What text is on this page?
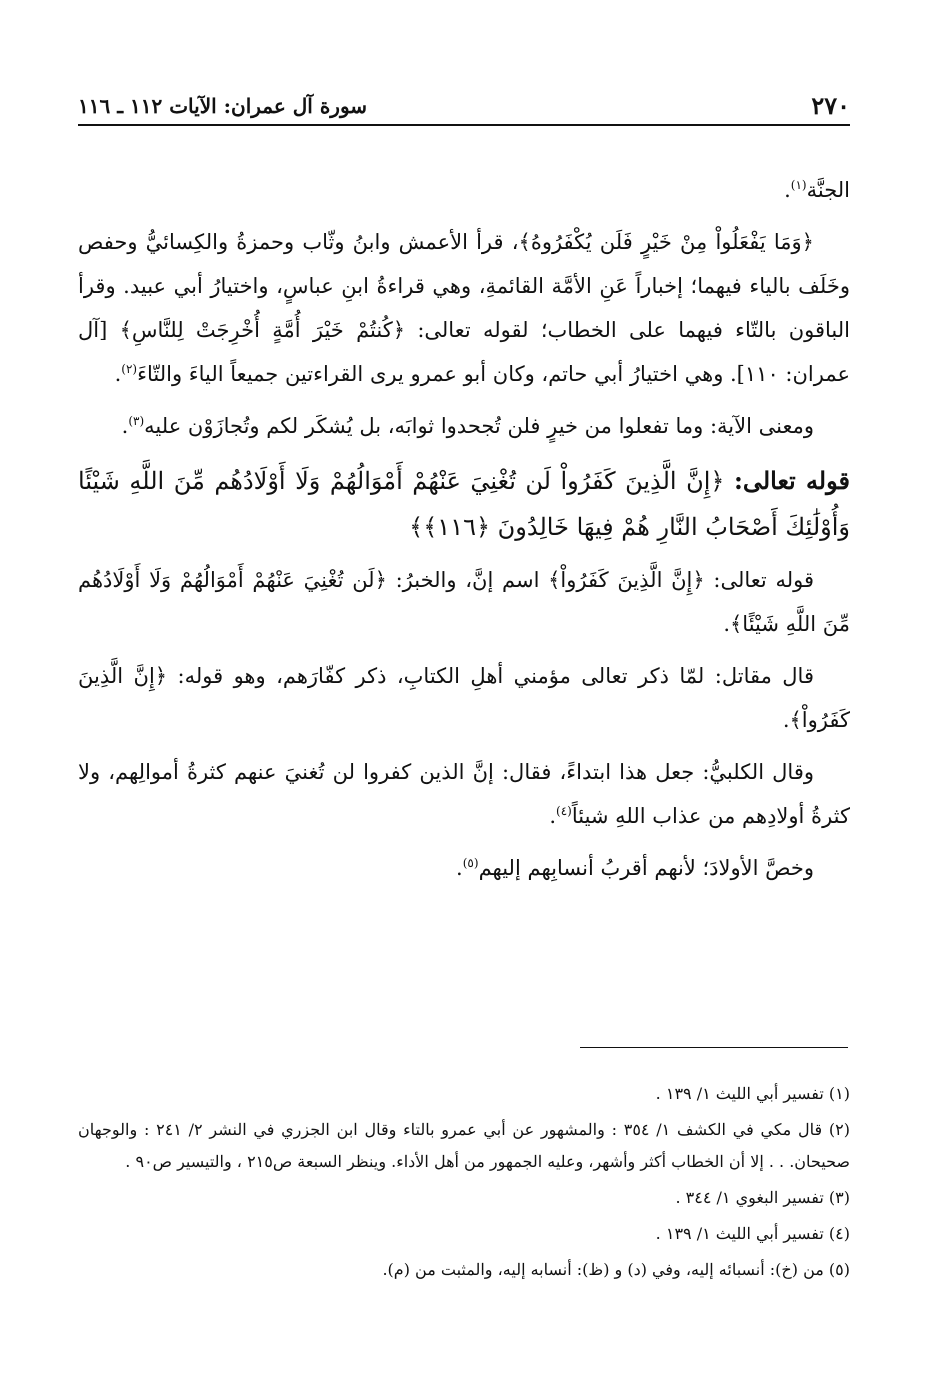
٢٧٠
سورة آل عمران: الآيات ١١٢ ـ ١١٦

الجنَّة$^{(١)}$.

﴿وَمَا يَفْعَلُواْ مِنْ خَيْرٍ فَلَن يُكْفَرُوهُ﴾، قرأ الأعمش وابنُ وثّاب وحمزةُ والكِسائيُّ وحفص وخَلَف بالياء فيهما؛ إخباراً عَنِ الأمَّة القائمةِ، وهي قراءةُ ابنِ عباسٍ، واختيارُ أبي عبيد. وقرأ الباقون بالتّاء فيهما على الخطاب؛ لقوله تعالى: ﴿كُنتُمْ خَيْرَ أُمَّةٍ أُخْرِجَتْ لِلنَّاسِ﴾ [آل عمران: ١١٠]. وهي اختيارُ أبي حاتم، وكان أبو عمرو يرى القراءتين جميعاً الياءَ والتّاءَ$^{(٢)}$.

ومعنى الآية: وما تفعلوا من خيرٍ فلن تُجحدوا ثوابَه، بل يُشكَر لكم وتُجازَوْن عليه$^{(٣)}$.

قوله تعالى: ﴿إِنَّ الَّذِينَ كَفَرُواْ لَن تُغْنِيَ عَنْهُمْ أَمْوَالُهُمْ وَلَا أَوْلَادُهُم مِّنَ اللَّهِ شَيْئًا وَأُوْلَٰئِكَ أَصْحَابُ النَّارِ هُمْ فِيهَا خَالِدُونَ ﴿١١٦﴾﴾

قوله تعالى: ﴿إِنَّ الَّذِينَ كَفَرُواْ﴾ اسم إنَّ، والخبرُ: ﴿لَن تُغْنِيَ عَنْهُمْ أَمْوَالُهُمْ وَلَا أَوْلَادُهُم مِّنَ اللَّهِ شَيْئًا﴾.

قال مقاتل: لمّا ذكر تعالى مؤمني أهلِ الكتابِ، ذكر كفّارَهم، وهو قوله: ﴿إِنَّ الَّذِينَ كَفَرُواْ﴾.

وقال الكلبيُّ: جعل هذا ابتداءً، فقال: إنَّ الذين كفروا لن تُغنيَ عنهم كثرةُ أموالِهم، ولا كثرةُ أولادِهم من عذاب اللهِ شيئاً$^{(٤)}$.

وخصَّ الأولادَ؛ لأنهم أقربُ أنسابِهم إليهم$^{(٥)}$.

(١) تفسير أبي الليث ١/ ١٣٩ .

(٢) قال مكي في الكشف ١/ ٣٥٤ : والمشهور عن أبي عمرو بالتاء وقال ابن الجزري في النشر ٢/ ٢٤١ : والوجهان صحيحان. . . إلا أن الخطاب أكثر وأشهر، وعليه الجمهور من أهل الأداء. وينظر السبعة ص٢١٥ ، والتيسير ص٩٠ .

(٣) تفسير البغوي ١/ ٣٤٤ .

(٤) تفسير أبي الليث ١/ ١٣٩ .

(٥) من (خ): أنسبائه إليه، وفي (د) و (ظ): أنسابه إليه، والمثبت من (م).
